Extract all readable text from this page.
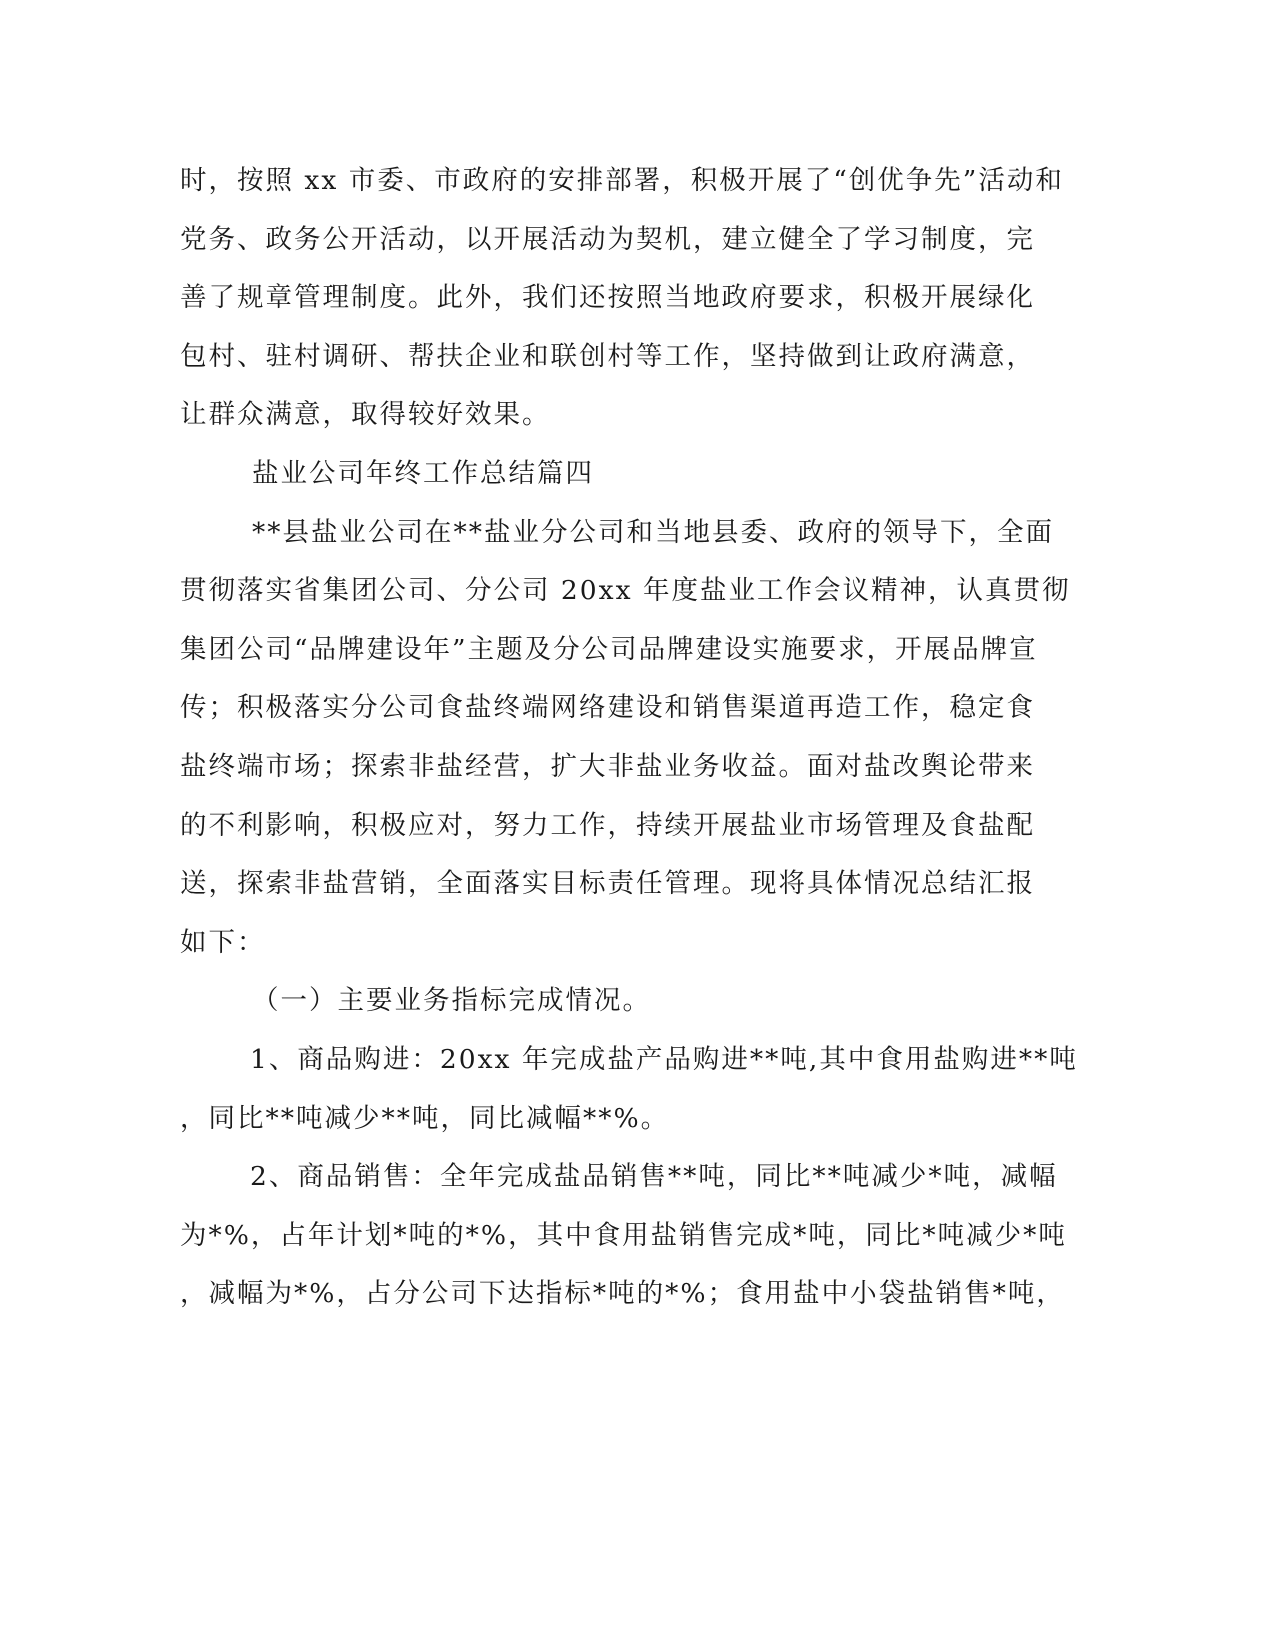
时，按照 xx 市委、市政府的安排部署，积极开展了“创优争先”活动和
党务、政务公开活动，以开展活动为契机，建立健全了学习制度，完
善了规章管理制度。此外，我们还按照当地政府要求，积极开展绿化
包村、驻村调研、帮扶企业和联创村等工作，坚持做到让政府满意，
让群众满意，取得较好效果。
盐业公司年终工作总结篇四
**县盐业公司在**盐业分公司和当地县委、政府的领导下，全面
贯彻落实省集团公司、分公司 20xx 年度盐业工作会议精神，认真贯彻
集团公司“品牌建设年”主题及分公司品牌建设实施要求，开展品牌宣
传；积极落实分公司食盐终端网络建设和销售渠道再造工作，稳定食
盐终端市场；探索非盐经营，扩大非盐业务收益。面对盐改舆论带来
的不利影响，积极应对，努力工作，持续开展盐业市场管理及食盐配
送，探索非盐营销，全面落实目标责任管理。现将具体情况总结汇报
如下：
（一）主要业务指标完成情况。
1、商品购进：20xx 年完成盐产品购进**吨,其中食用盐购进**吨
，同比**吨减少**吨，同比减幅**%。
2、商品销售：全年完成盐品销售**吨，同比**吨减少*吨，减幅
为*%，占年计划*吨的*%，其中食用盐销售完成*吨，同比*吨减少*吨
，减幅为*%，占分公司下达指标*吨的*%；食用盐中小袋盐销售*吨，
